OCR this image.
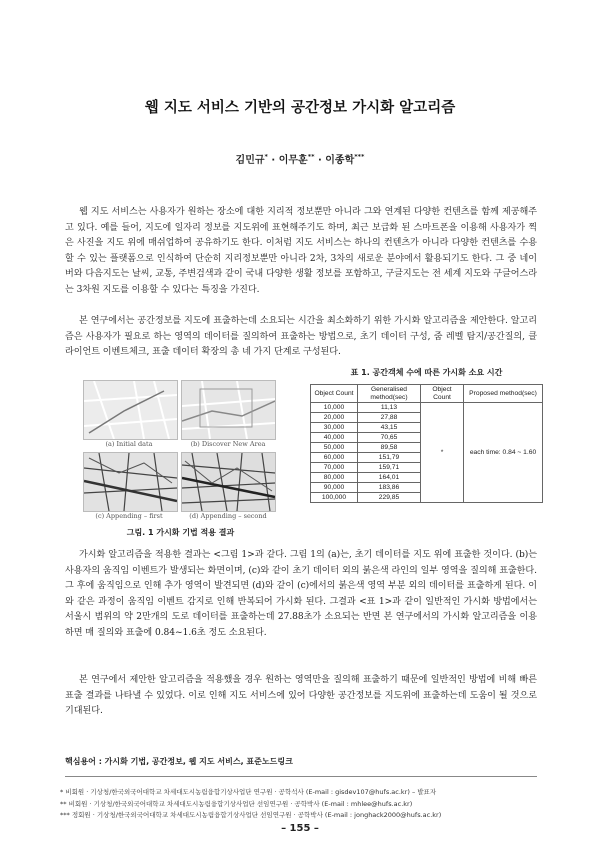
웹 지도 서비스 기반의 공간정보 가시화 알고리즘
김민규* · 이무훈** · 이종학***

웹 지도 서비스는 사용자가 원하는 장소에 대한 지리적 정보뿐만 아니라 그와 연계된 다양한 컨텐츠를 함께 제공해주고 있다. 예를 들어, 지도에 일자리 정보를 지도위에 표현해주기도 하며, 최근 보급화 된 스마트폰을 이용해 사용자가 찍은 사진을 지도 위에 매쉬업하여 공유하기도 한다. 이처럼 지도 서비스는 하나의 컨텐츠가 아니라 다양한 컨텐츠를 수용할 수 있는 플랫폼으로 인식하여 단순히 지리정보뿐만 아니라 2차, 3차의 새로운 분야에서 활용되기도 한다. 그 중 네이버와 다음지도는 날씨, 교통, 주변검색과 같이 국내 다양한 생활 정보를 포함하고, 구글지도는 전 세계 지도와 구글어스라는 3차원 지도를 이용할 수 있다는 특징을 가진다.

본 연구에서는 공간정보를 지도에 표출하는데 소요되는 시간을 최소화하기 위한 가시화 알고리즘을 제안한다. 알고리즘은 사용자가 필요로 하는 영역의 데이터를 질의하여 표출하는 방법으로, 초기 데이터 구성, 줌 레벨 탐지/공간질의, 클라이언트 이벤트체크, 표출 데이터 확장의 총 네 가지 단계로 구성된다.

(a) Initial data	(b) Discover New Area
(c) Appending – first	(d) Appending – second
그림. 1 가시화 기법 적용 결과
표 1. 공간객체 수에 따른 가시화 소요 시간
Object Count	Generalised method(sec)	Object Count	Proposed method(sec)
10,000	11,13	*	each time: 0.84 ~ 1.60
20,000	27,88		
30,000	43,15		
40,000	70,65		
50,000	89,58		
60,000	151,79		
70,000	159,71		
80,000	164,01		
90,000	183,86		
100,000	229,85		

가시화 알고리즘을 적용한 결과는 <그림 1>과 같다. 그림 1의 (a)는, 초기 데이터를 지도 위에 표출한 것이다. (b)는 사용자의 움직임 이벤트가 발생되는 화면이며, (c)와 같이 초기 데이터 외의 붉은색 라인의 일부 영역을 질의해 표출한다. 그 후에 움직임으로 인해 추가 영역이 발견되면 (d)와 같이 (c)에서의 붉은색 영역 부분 외의 데이터를 표출하게 된다. 이와 같은 과정이 움직임 이벤트 감지로 인해 반복되어 가시화 된다. 그결과 <표 1>과 같이 일반적인 가시화 방법에서는 서울시 범위의 약 2만개의 도로 데이터를 표출하는데 27.88초가 소요되는 반면 본 연구에서의 가시화 알고리즘을 이용하면 매 질의와 표출에 0.84~1.6초 정도 소요된다.

본 연구에서 제안한 알고리즘을 적용했을 경우 원하는 영역만을 질의해 표출하기 때문에 일반적인 방법에 비해 빠른 표출 결과를 나타낼 수 있었다. 이로 인해 지도 서비스에 있어 다양한 공간정보를 지도위에 표출하는데 도움이 될 것으로 기대된다.

핵심용어 : 가시화 기법, 공간정보, 웹 지도 서비스, 표준노드링크
* 비회원 · 기상청/한국외국어대학교 차세대도시농림융합기상사업단 연구원 · 공학석사 (E-mail : gisdev107@hufs.ac.kr) – 발표자
** 비회원 · 기상청/한국외국어대학교 차세대도시농림융합기상사업단 선임연구원 · 공학박사 (E-mail : mhlee@hufs.ac.kr)
*** 정회원 · 기상청/한국외국어대학교 차세대도시농림융합기상사업단 선임연구원 · 공학박사 (E-mail : jonghack2000@hufs.ac.kr)
– 155 –
